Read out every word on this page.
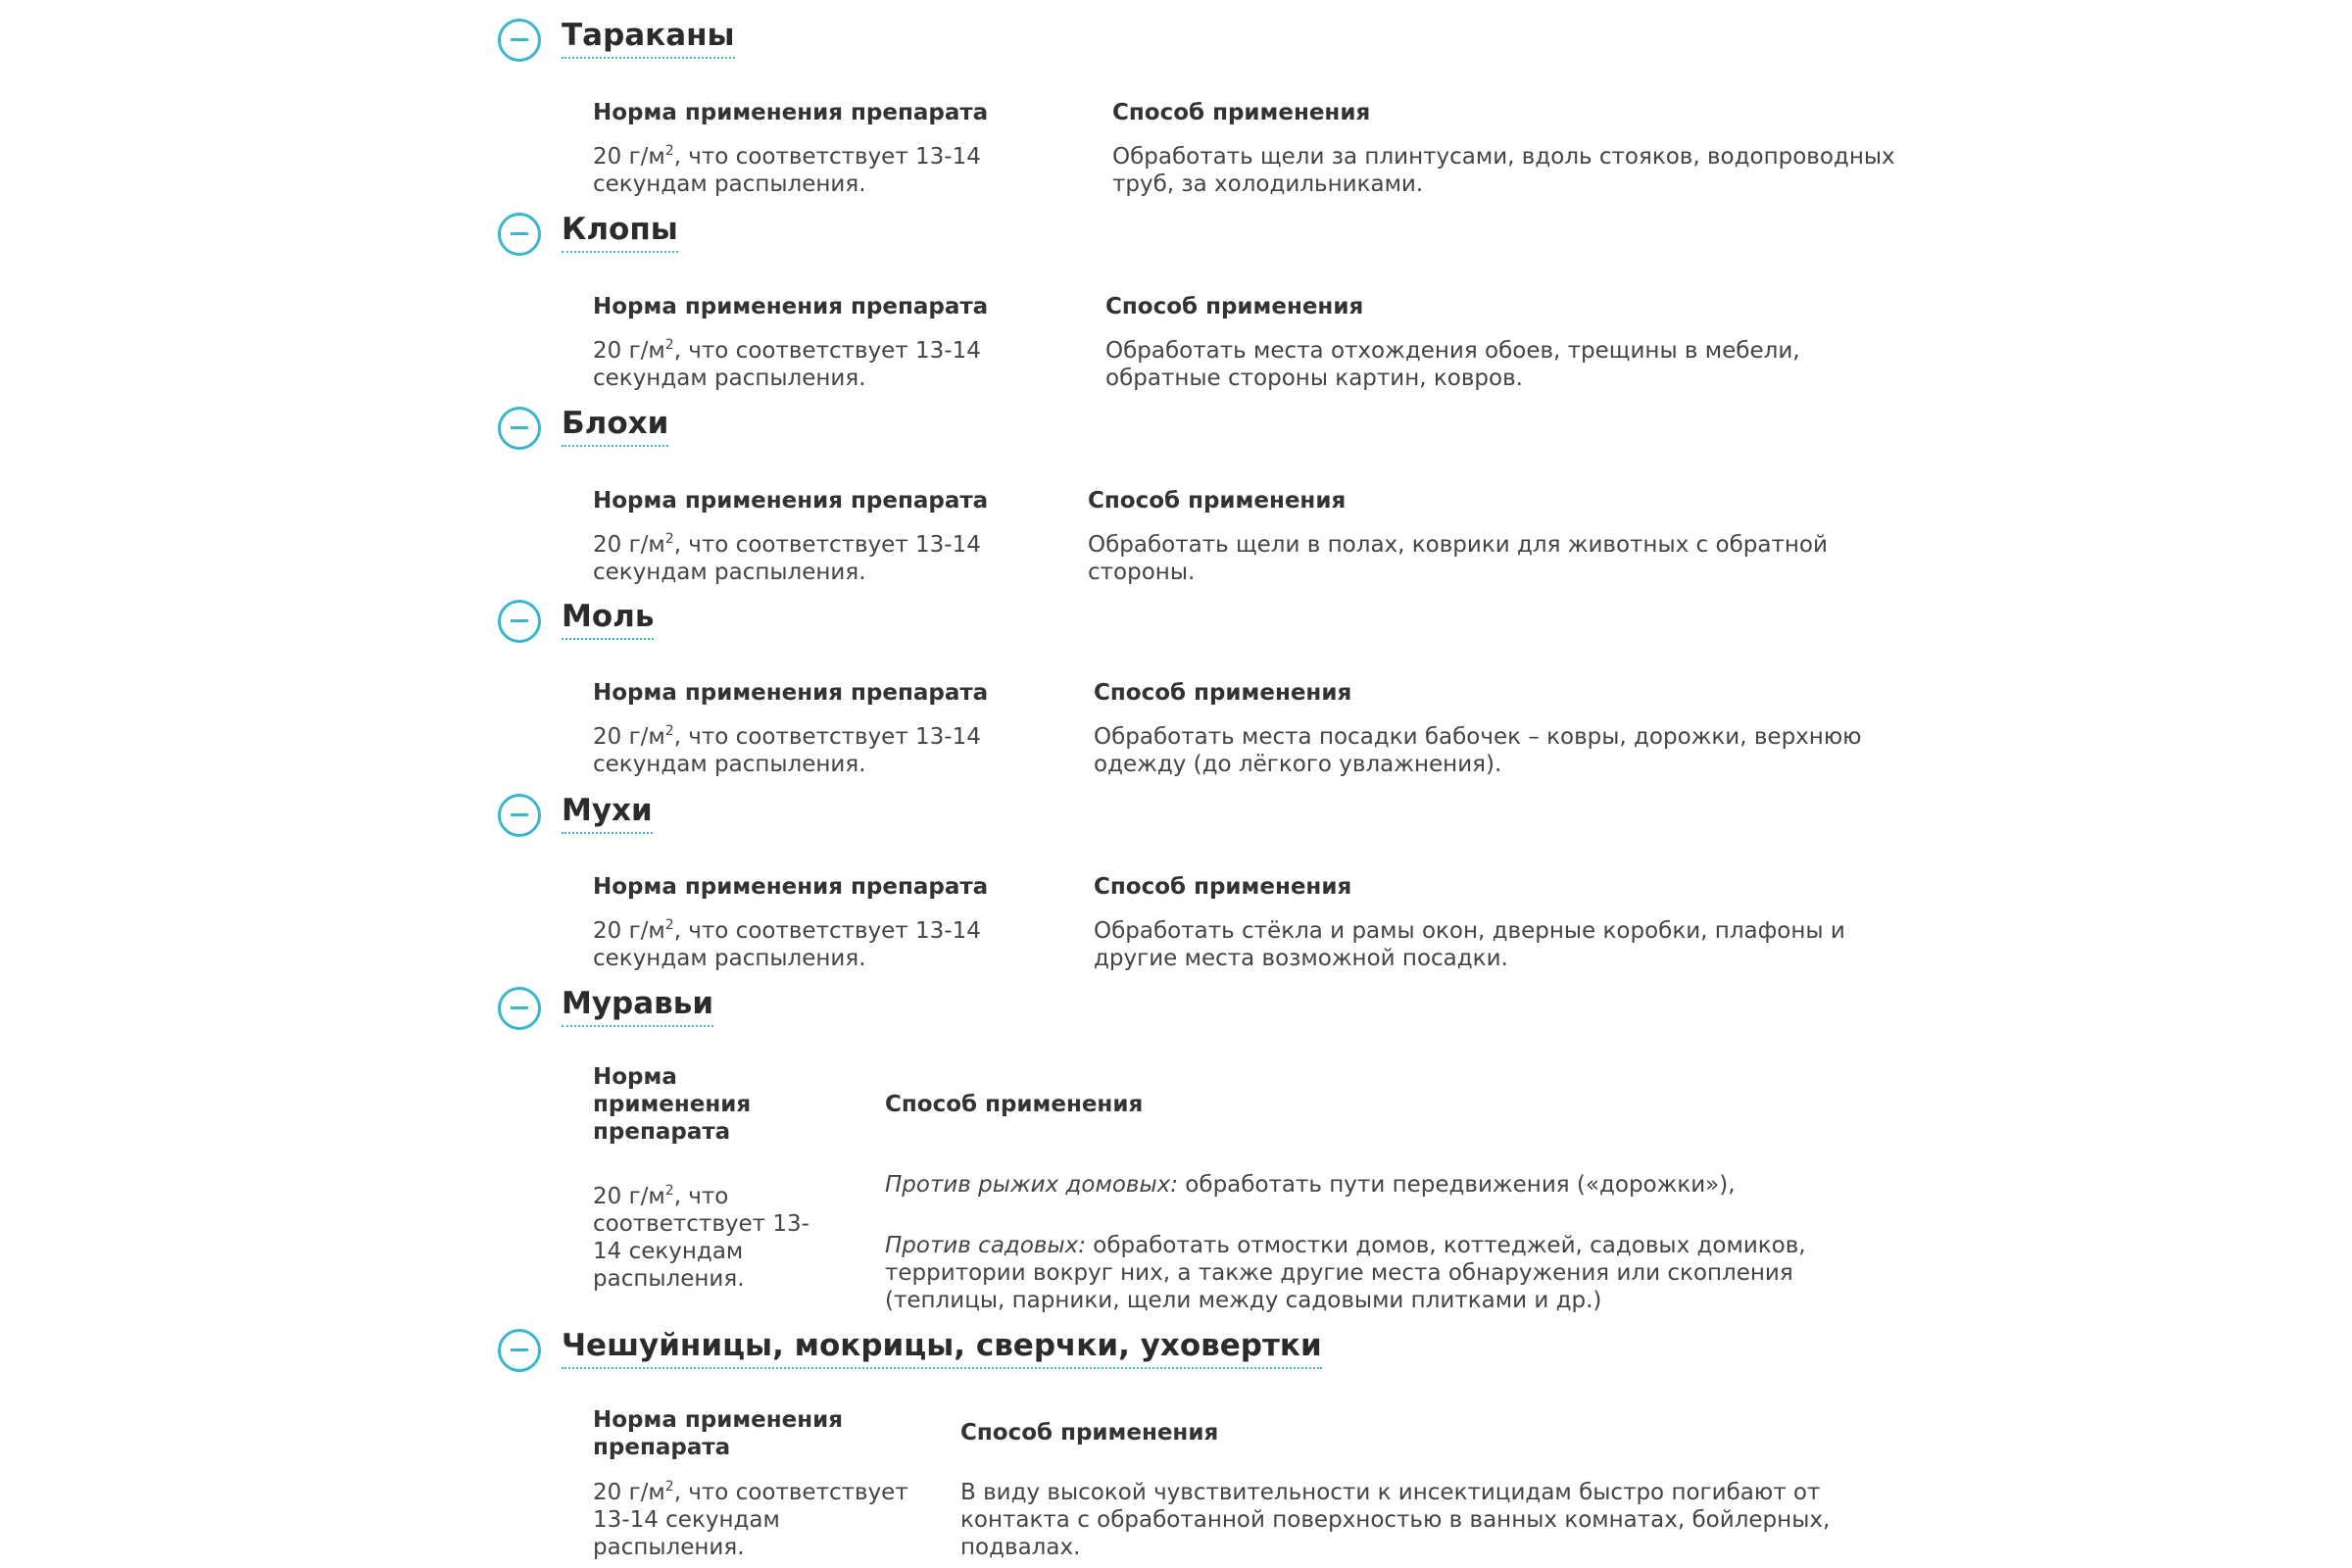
Тараканы
Норма применения препарата
20 $г/м^2$, что соответствует 13-14
секундам распыления.
Способ применения
Обработать щели за плинтусами, вдоль стояков, водопроводных
труб, за холодильниками.
Клопы
Норма применения препарата
20 $г/м^2$, что соответствует 13-14
секундам распыления.
Способ применения
Обработать места отхождения обоев, трещины в мебели,
обратные стороны картин, ковров.
Блохи
Норма применения препарата
20 $г/м^2$, что соответствует 13-14
секундам распыления.
Способ применения
Обработать щели в полах, коврики для животных с обратной
стороны.
Моль
Норма применения препарата
20 $г/м^2$, что соответствует 13-14
секундам распыления.
Способ применения
Обработать места посадки бабочек – ковры, дорожки, верхнюю
одежду (до лёгкого увлажнения).
Мухи
Норма применения препарата
20 $г/м^2$, что соответствует 13-14
секундам распыления.
Способ применения
Обработать стёкла и рамы окон, дверные коробки, плафоны и
другие места возможной посадки.
Муравьи
Норма
применения
препарата
20 $г/м^2$, что
соответствует 13-
14 секундам
распыления.
Способ применения
Против рыжих домовых: обработать пути передвижения («дорожки»),
Против садовых: обработать отмостки домов, коттеджей, садовых домиков,
территории вокруг них, а также другие места обнаружения или скопления
(теплицы, парники, щели между садовыми плитками и др.)
Чешуйницы, мокрицы, сверчки, уховертки
Норма применения
препарата
20 $г/м^2$, что соответствует
13-14 секундам
распыления.
Способ применения
В виду высокой чувствительности к инсектицидам быстро погибают от
контакта с обработанной поверхностью в ванных комнатах, бойлерных,
подвалах.
